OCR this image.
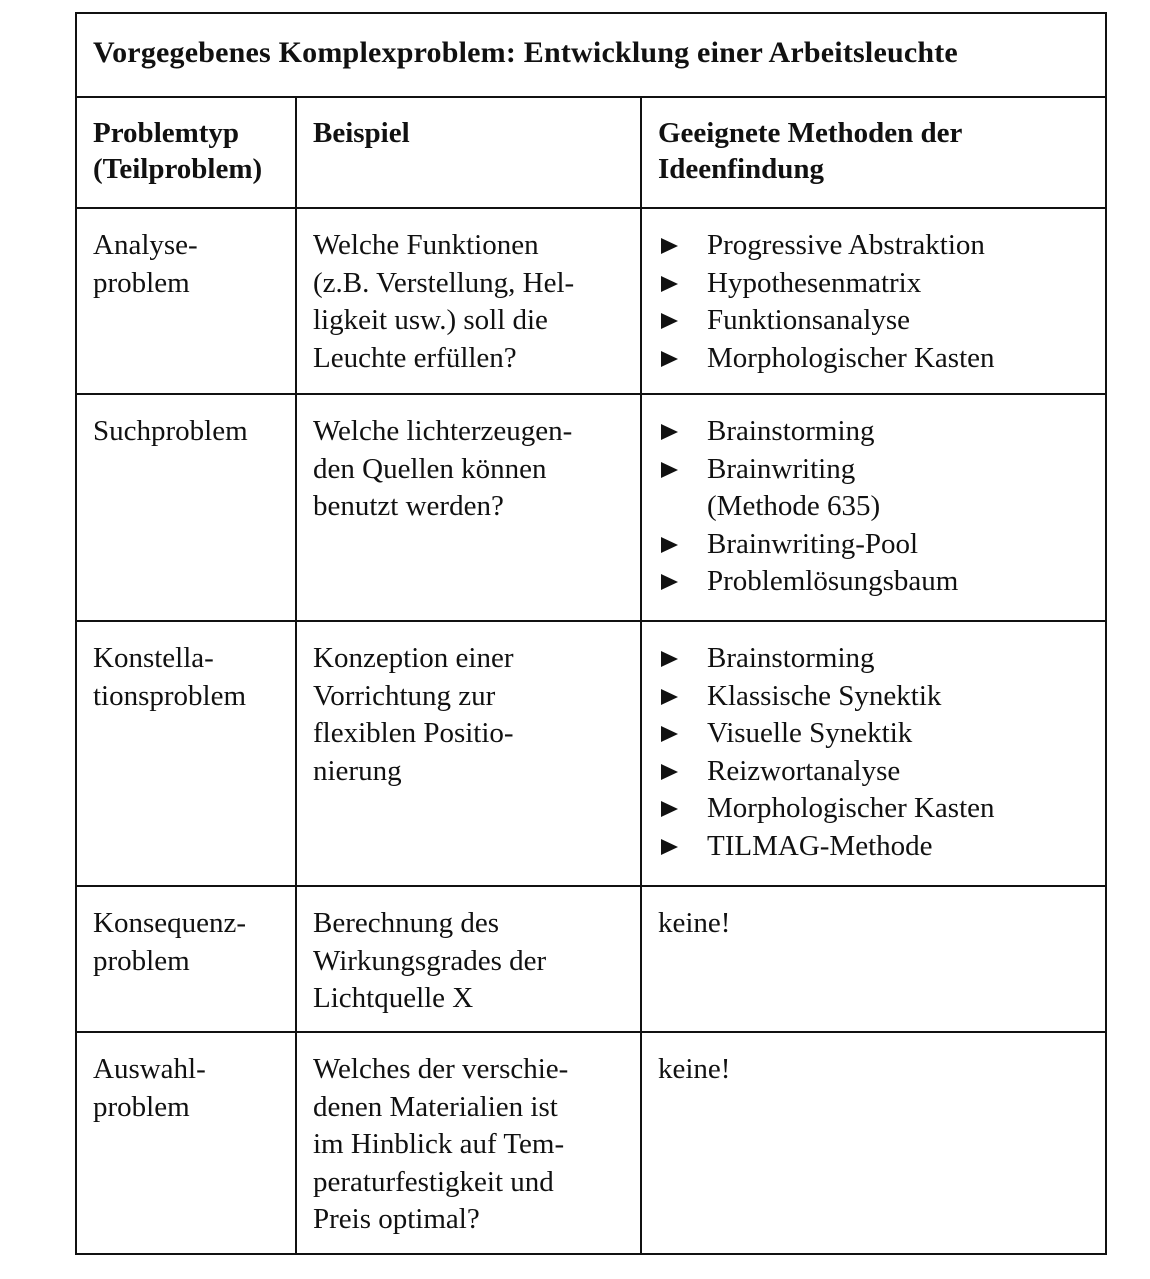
Vorgegebenes Komplexproblem: Entwicklung einer Arbeitsleuchte
Problemtyp
(Teilproblem)
Beispiel	Geeignete Methoden der
Ideenfindung
Analyse-
problem
Welche Funktionen
(z.B. Verstellung, Hel-
ligkeit usw.) soll die
Leuchte erfüllen?
Progressive Abstraktion
Hypothesenmatrix
Funktionsanalyse
Morphologischer Kasten
Suchproblem	Welche lichterzeugen-
den Quellen können
benutzt werden?
Brainstorming
Brainwriting
(Methode 635)
Brainwriting-Pool
Problemlösungsbaum
Konstella-
tionsproblem
Konzeption einer
Vorrichtung zur
flexiblen Positio-
nierung
Brainstorming
Klassische Synektik
Visuelle Synektik
Reizwortanalyse
Morphologischer Kasten
TILMAG-Methode
Konsequenz-
problem
Berechnung des
Wirkungsgrades der
Lichtquelle X
keine!
Auswahl-
problem
Welches der verschie-
denen Materialien ist
im Hinblick auf Tem-
peraturfestigkeit und
Preis optimal?
keine!
